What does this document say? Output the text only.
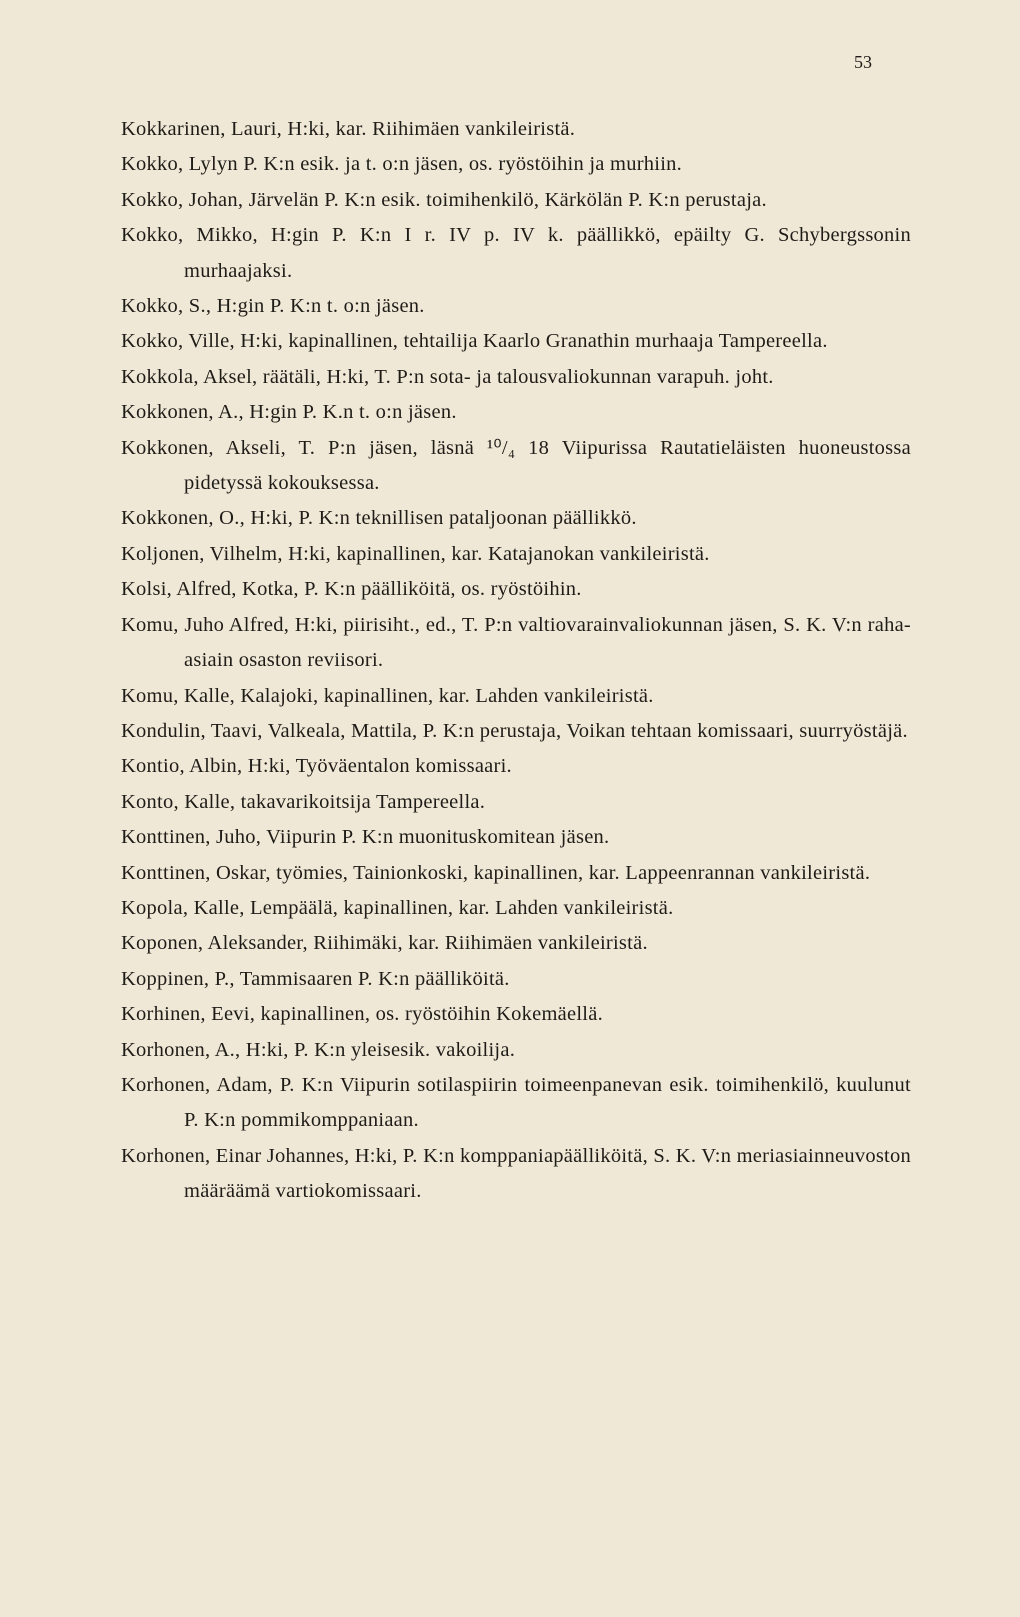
53
Kokkarinen, Lauri, H:ki, kar. Riihimäen vankileiristä.
Kokko, Lylyn P. K:n esik. ja t. o:n jäsen, os. ryöstöihin ja murhiin.
Kokko, Johan, Järvelän P. K:n esik. toimihenkilö, Kärkölän P. K:n perustaja.
Kokko, Mikko, H:gin P. K:n I r. IV p. IV k. päällikkö, epäilty G. Schybergssonin murhaajaksi.
Kokko, S., H:gin P. K:n t. o:n jäsen.
Kokko, Ville, H:ki, kapinallinen, tehtailija Kaarlo Granathin murhaaja Tampereella.
Kokkola, Aksel, räätäli, H:ki, T. P:n sota- ja talousvaliokunnan varapuh. joht.
Kokkonen, A., H:gin P. K.n t. o:n jäsen.
Kokkonen, Akseli, T. P:n jäsen, läsnä ¹⁰/₄ 18 Viipurissa Rautatieläisten huoneustossa pidetyssä kokouksessa.
Kokkonen, O., H:ki, P. K:n teknillisen pataljoonan päällikkö.
Koljonen, Vilhelm, H:ki, kapinallinen, kar. Katajanokan vankileiristä.
Kolsi, Alfred, Kotka, P. K:n päälliköitä, os. ryöstöihin.
Komu, Juho Alfred, H:ki, piirisiht., ed., T. P:n valtiovarainvaliokunnan jäsen, S. K. V:n raha-asiain osaston reviisori.
Komu, Kalle, Kalajoki, kapinallinen, kar. Lahden vankileiristä.
Kondulin, Taavi, Valkeala, Mattila, P. K:n perustaja, Voikan tehtaan komissaari, suurryöstäjä.
Kontio, Albin, H:ki, Työväentalon komissaari.
Konto, Kalle, takavarikoitsija Tampereella.
Konttinen, Juho, Viipurin P. K:n muonituskomitean jäsen.
Konttinen, Oskar, työmies, Tainionkoski, kapinallinen, kar. Lappeenrannan vankileiristä.
Kopola, Kalle, Lempäälä, kapinallinen, kar. Lahden vankileiristä.
Koponen, Aleksander, Riihimäki, kar. Riihimäen vankileiristä.
Koppinen, P., Tammisaaren P. K:n päälliköitä.
Korhinen, Eevi, kapinallinen, os. ryöstöihin Kokemäellä.
Korhonen, A., H:ki, P. K:n yleisesik. vakoilija.
Korhonen, Adam, P. K:n Viipurin sotilaspiirin toimeenpanevan esik. toimihenkilö, kuulunut P. K:n pommikomppaniaan.
Korhonen, Einar Johannes, H:ki, P. K:n komppaniapäälliköitä, S. K. V:n meriasiainneuvoston määräämä vartiokomissaari.
